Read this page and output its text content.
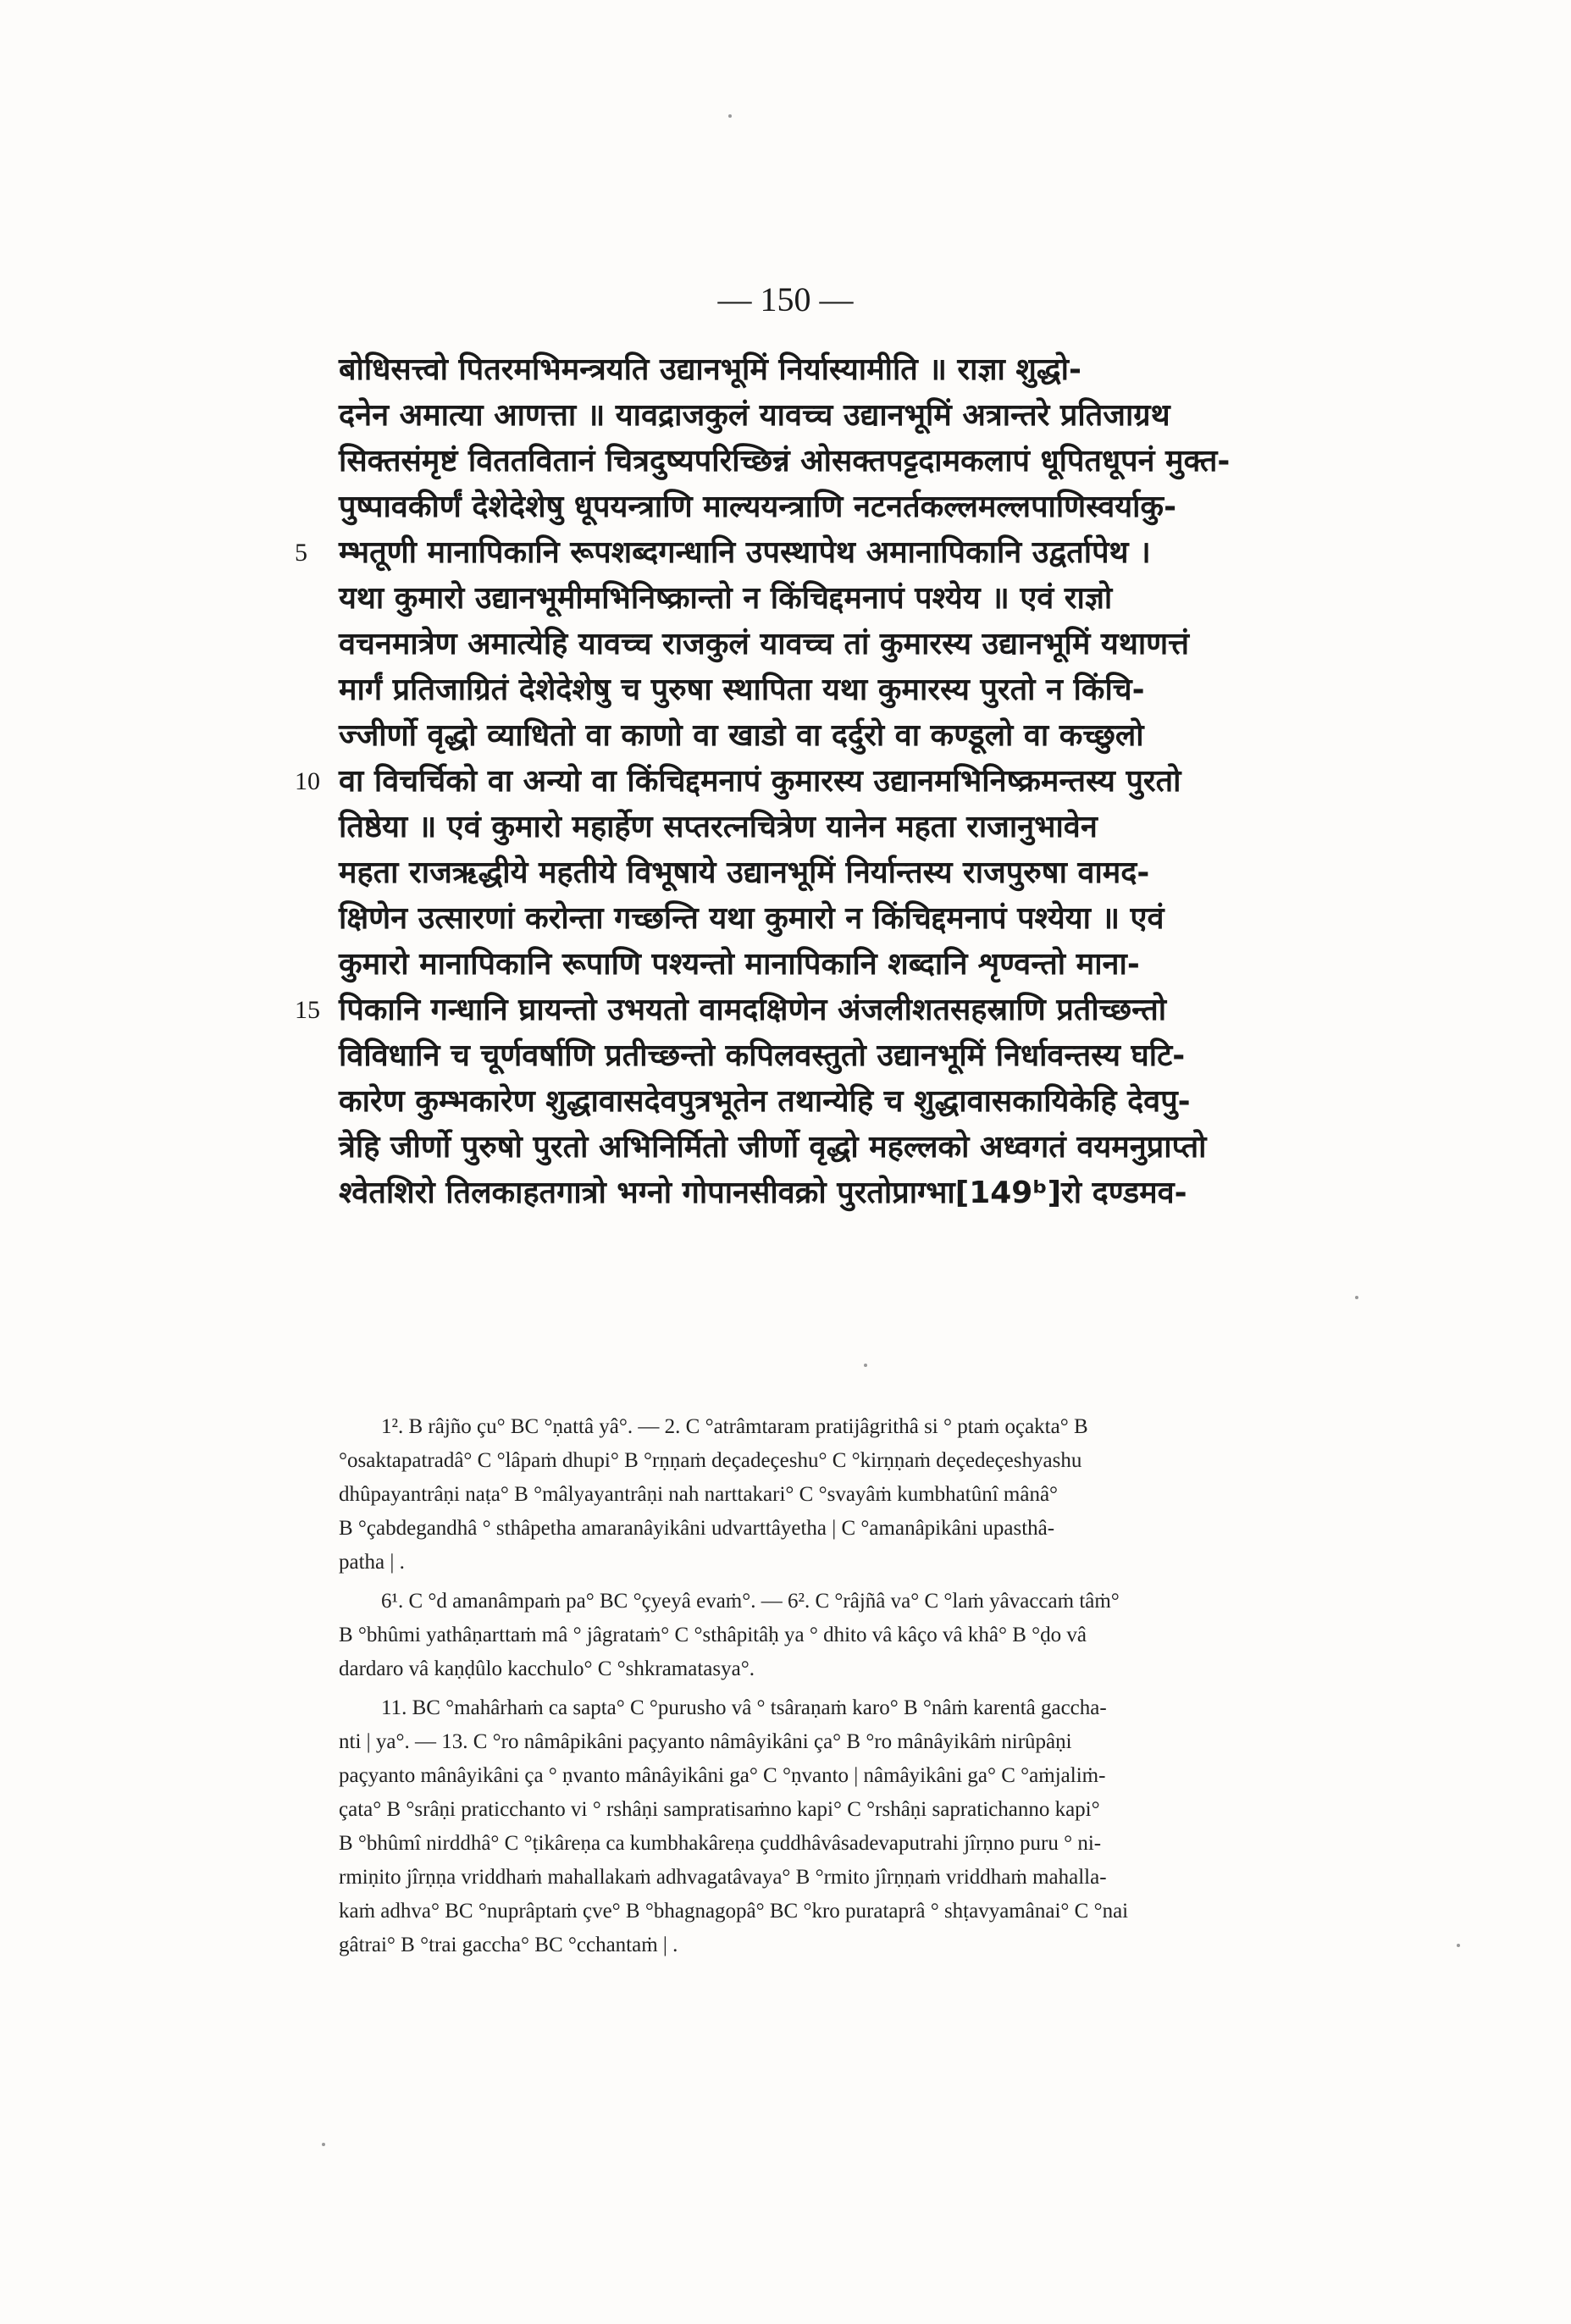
— 150 —
बोधिसत्त्वो पितरमभिमन्त्रयति उद्यानभूमिं निर्यास्यामीति ॥ राज्ञा शुद्धो-
दनेन अमात्या आणत्ता ॥ यावद्राजकुलं यावच्च उद्यानभूमिं अत्रान्तरे प्रतिजाग्रथ
सिक्तसंमृष्टं विततवितानं चित्रदुष्यपरिच्छिन्नं ओसक्तपट्टदामकलापं धूपितधूपनं मुक्त-
पुष्पावकीर्णं देशेदेशेषु धूपयन्त्राणि माल्ययन्त्राणि नटनर्तकल्लमल्लपाणिस्वर्याकु-
5 म्भतूणी मानापिकानि रूपशब्दगन्धानि उपस्थापेथ अमानापिकानि उद्वर्तापेथ ।
यथा कुमारो उद्यानभूमीमभिनिष्क्रान्तो न किंचिद्दमनापं पश्येय ॥ एवं राज्ञो
वचनमात्रेण अमात्येहि यावच्च राजकुलं यावच्च तां कुमारस्य उद्यानभूमिं यथाणत्तं
मार्गं प्रतिजाग्रितं देशेदेशेषु च पुरुषा स्थापिता यथा कुमारस्य पुरतो न किंचि-
ज्जीर्णो वृद्धो व्याधितो वा काणो वा खाडो वा दर्दुरो वा कण्डूलो वा कच्छुलो
10 वा विचर्चिको वा अन्यो वा किंचिद्दमनापं कुमारस्य उद्यानमभिनिष्क्रमन्तस्य पुरतो
तिष्ठेया ॥ एवं कुमारो महार्हेण सप्तरत्नचित्रेण यानेन महता राजानुभावेन
महता राजऋद्धीये महतीये विभूषाये उद्यानभूमिं निर्यान्तस्य राजपुरुषा वामद-
क्षिणेन उत्सारणां करोन्ता गच्छन्ति यथा कुमारो न किंचिद्दमनापं पश्येया ॥ एवं
कुमारो मानापिकानि रूपाणि पश्यन्तो मानापिकानि शब्दानि शृण्वन्तो माना-
15 पिकानि गन्धानि घ्रायन्तो उभयतो वामदक्षिणेन अंजलीशतसहस्राणि प्रतीच्छन्तो
विविधानि च चूर्णवर्षाणि प्रतीच्छन्तो कपिलवस्तुतो उद्यानभूमिं निर्धावन्तस्य घटि-
कारेण कुम्भकारेण शुद्धावासदेवपुत्रभूतेन तथान्येहि च शुद्धावासकायिकेहि देवपु-
त्रेहि जीर्णो पुरुषो पुरतो अभिनिर्मितो जीर्णो वृद्धो महल्लको अध्वगतं वयमनुप्राप्तो
श्वेतशिरो तिलकाहतगात्रो भग्नो गोपानसीवक्रो पुरतोप्राग्भा[149ᵇ]रो दण्डमव-
1². B râjño çu° BC °ṇattâ yâ°. — 2. C °atrâmtaram pratijâgrithâ si ° ptaṁ oçakta° B
°osaktapatradâ° C °lâpaṁ dhupi° B °rṇṇaṁ deçadeçeshu° C °kirṇṇaṁ deçedeçeshyashu
dhûpayantrâṇi naṭa° B °mâlyayantrâṇi nah narttakari° C °svayâṁ kumbhatûnî mânâ°
B °çabdegandhâ ° sthâpetha amaranâyikâni udvarttâyetha | C °amanâpikâni upasthâ-
patha | .
6¹. C °d amanâmpaṁ pa° BC °çyeyâ evaṁ°. — 6². C °râjñâ va° C °laṁ yâvaccaṁ tâṁ°
B °bhûmi yathâṇarttaṁ mâ ° jâgrataṁ° C °sthâpitâḥ ya ° dhito vâ kâço vâ khâ° B °ḍo vâ
dardaro vâ kaṇḍûlo kacchulo° C °shkramatasya°.
11. BC °mahârhaṁ ca sapta° C °purusho vâ ° tsâraṇaṁ karo° B °nâṁ karentâ gaccha-
nti | ya°. — 13. C °ro nâmâpikâni paçyanto nâmâyikâni ça° B °ro mânâyikâṁ nirûpâṇi
paçyanto mânâyikâni ça ° ṇvanto mânâyikâni ga° C °ṇvanto | nâmâyikâni ga° C °aṁjaliṁ-
çata° B °srâṇi praticchanto vi ° rshâṇi sampratisaṁno kapi° C °rshâṇi sapratichanno kapi°
B °bhûmî nirddhâ° C °ṭikâreṇa ca kumbhakâreṇa çuddhâvâsadevaputrahi jîrṇno puru ° ni-
rmiṇito jîrṇṇa vriddhaṁ mahallakaṁ adhvagatâvaya° B °rmito jîrṇṇaṁ vriddhaṁ mahalla-
kaṁ adhva° BC °nuprâptaṁ çve° B °bhagnagopâ° BC °kro purataprâ ° shṭavyamânai° C °nai
gâtrai° B °trai gaccha° BC °cchantaṁ | .
